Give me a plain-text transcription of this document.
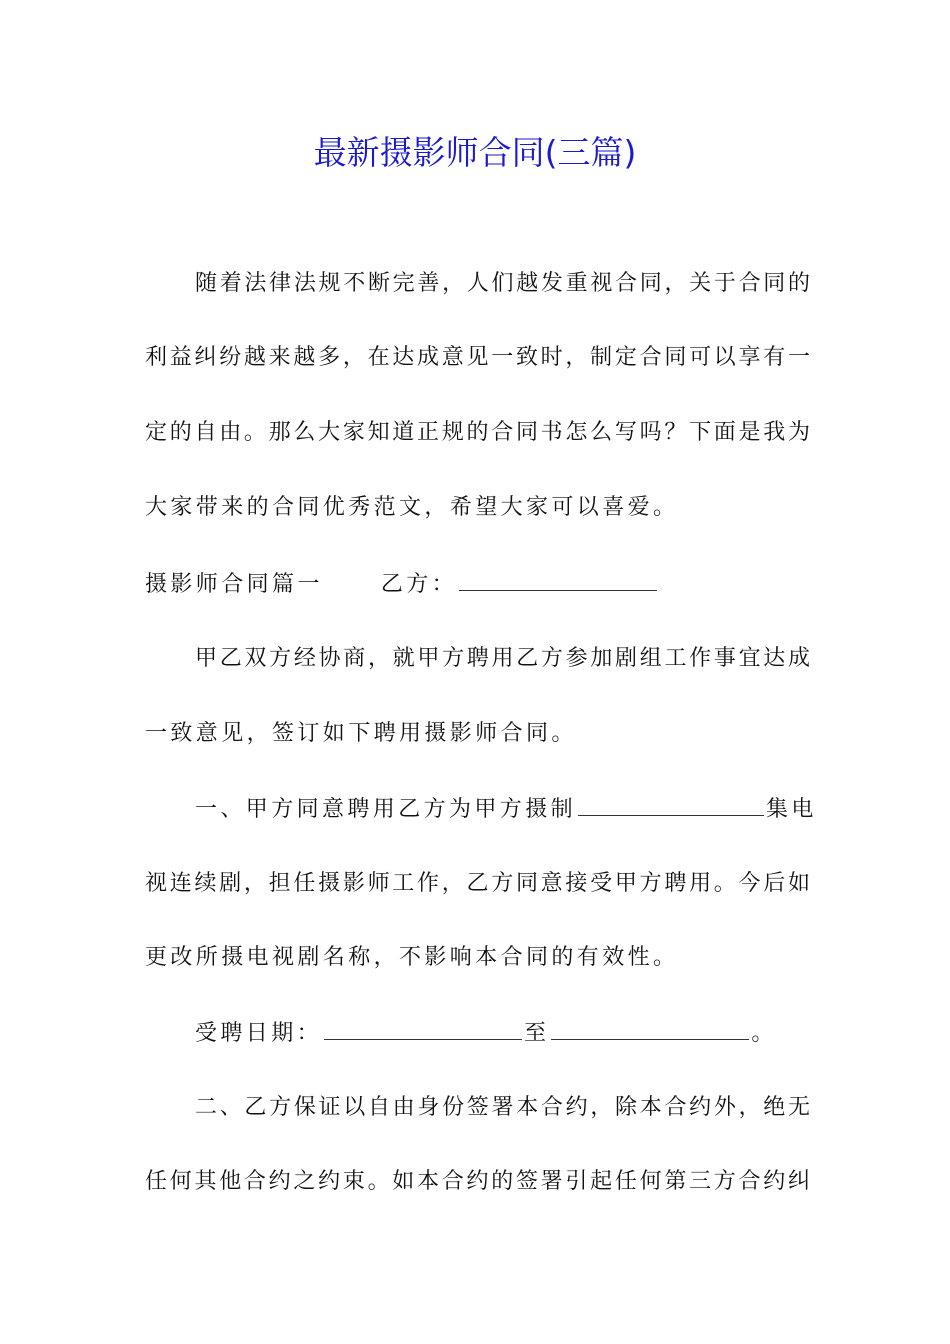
最新摄影师合同(三篇)
随着法律法规不断完善，人们越发重视合同，关于合同的
利益纠纷越来越多，在达成意见一致时，制定合同可以享有一
定的自由。那么大家知道正规的合同书怎么写吗？下面是我为
大家带来的合同优秀范文，希望大家可以喜爱。
摄影师合同篇一	乙方：
甲乙双方经协商，就甲方聘用乙方参加剧组工作事宜达成
一致意见，签订如下聘用摄影师合同。
一、甲方同意聘用乙方为甲方摄制	集电
视连续剧，担任摄影师工作，乙方同意接受甲方聘用。今后如
更改所摄电视剧名称，不影响本合同的有效性。
受聘日期：	至	。
二、乙方保证以自由身份签署本合约，除本合约外，绝无
任何其他合约之约束。如本合约的签署引起任何第三方合约纠
